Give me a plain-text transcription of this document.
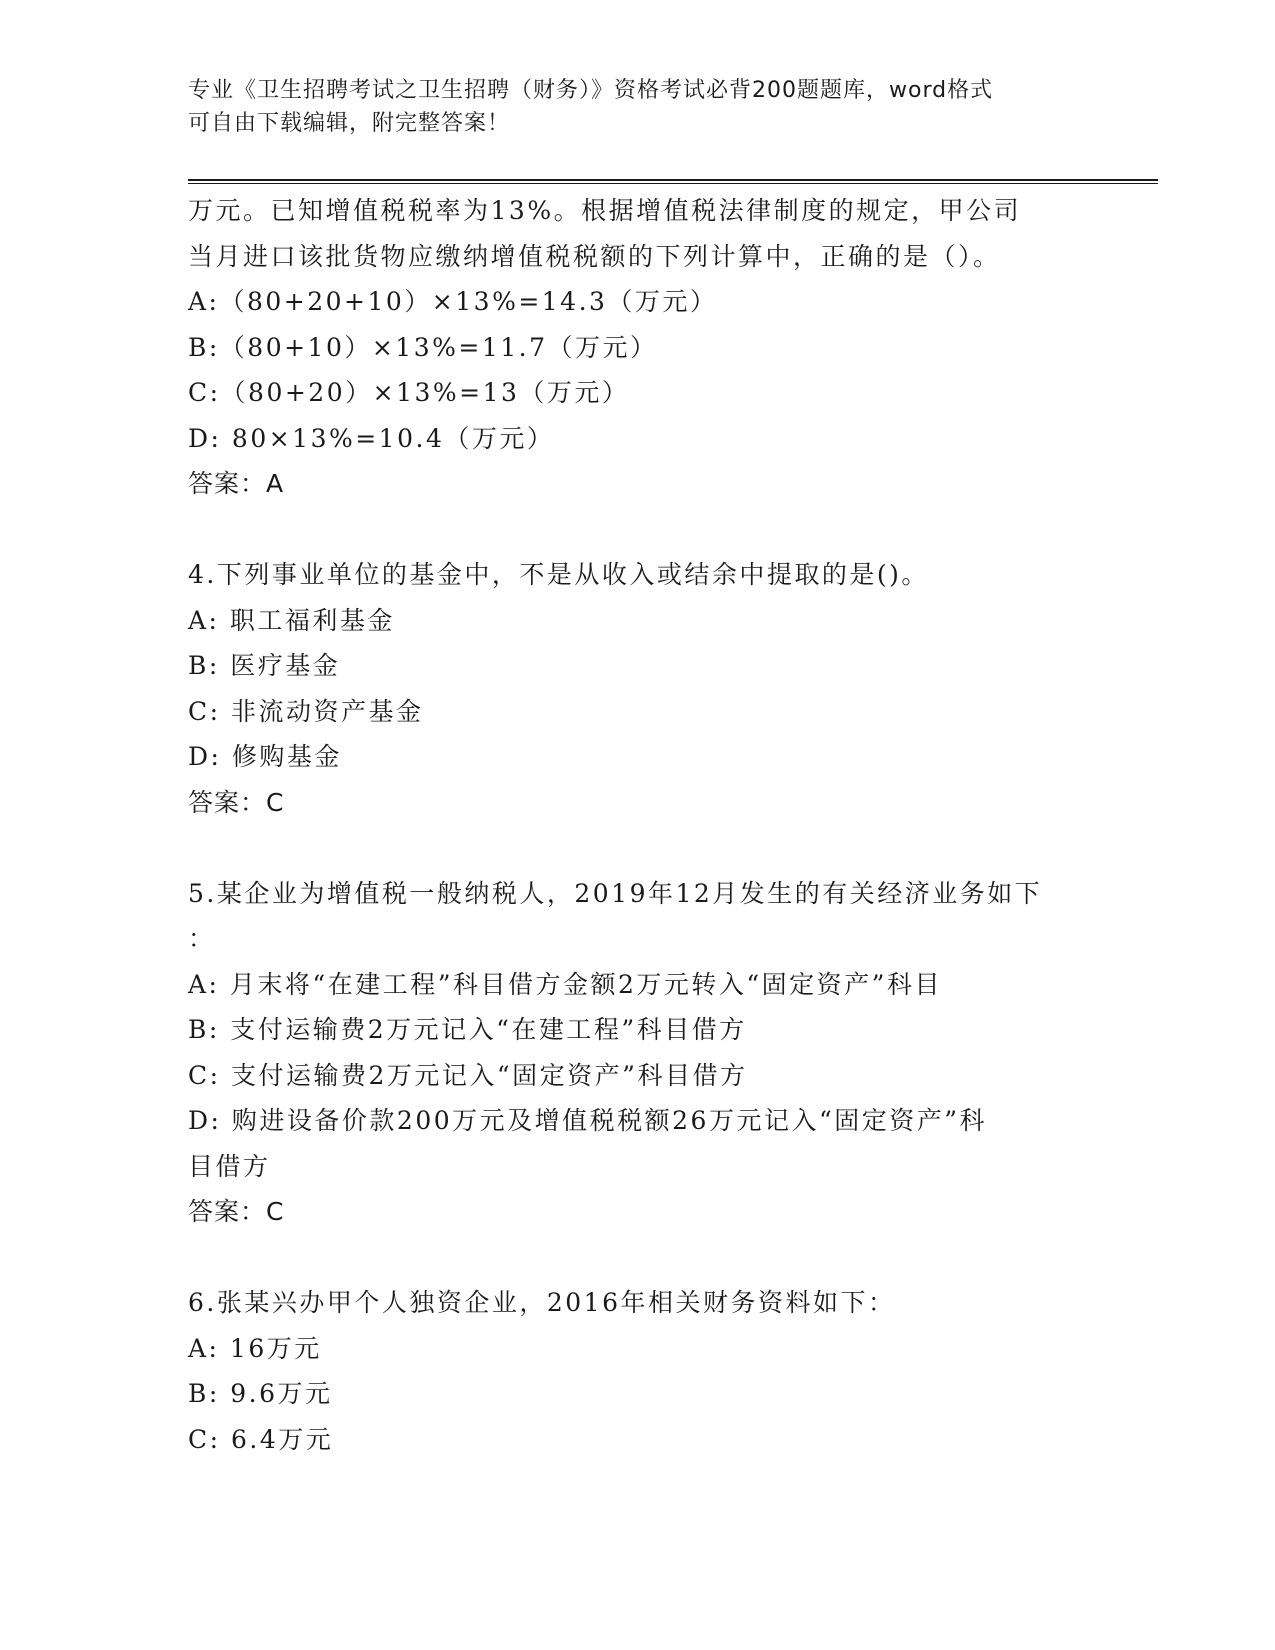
专业《卫生招聘考试之卫生招聘（财务）》资格考试必背200题题库，word格式
可自由下载编辑，附完整答案！
万元。已知增值税税率为13%。根据增值税法律制度的规定，甲公司
当月进口该批货物应缴纳增值税税额的下列计算中，正确的是（）。
A:（80+20+10）×13%=14.3（万元）
B:（80+10）×13%=11.7（万元）
C:（80+20）×13%=13（万元）
D: 80×13%=10.4（万元）
答案：A
4.下列事业单位的基金中，不是从收入或结余中提取的是()。
A: 职工福利基金
B: 医疗基金
C: 非流动资产基金
D: 修购基金
答案：C
5.某企业为增值税一般纳税人，2019年12月发生的有关经济业务如下
：
A: 月末将“在建工程”科目借方金额2万元转入“固定资产”科目
B: 支付运输费2万元记入“在建工程”科目借方
C: 支付运输费2万元记入“固定资产”科目借方
D: 购进设备价款200万元及增值税税额26万元记入“固定资产”科
目借方
答案：C
6.张某兴办甲个人独资企业，2016年相关财务资料如下：
A: 16万元
B: 9.6万元
C: 6.4万元
